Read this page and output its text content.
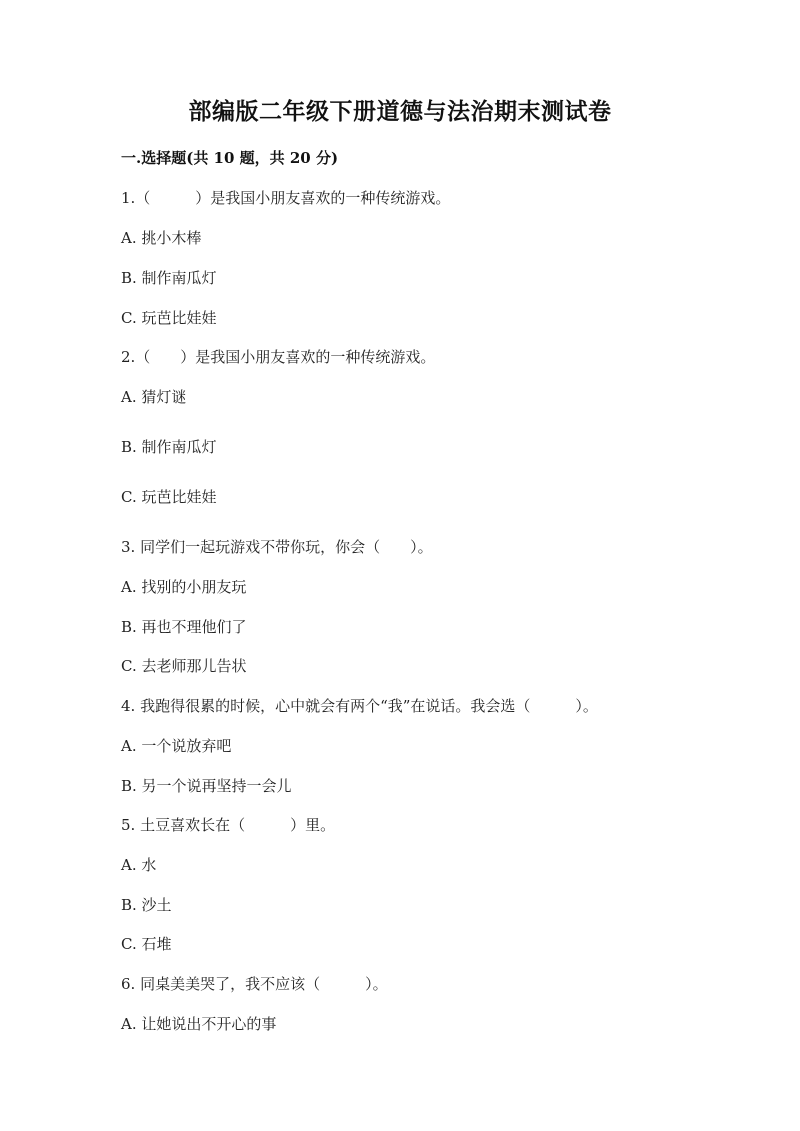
部编版二年级下册道德与法治期末测试卷
一.选择题(共 10 题，共 20 分)
1.（　　　）是我国小朋友喜欢的一种传统游戏。
A. 挑小木棒
B. 制作南瓜灯
C. 玩芭比娃娃
2.（　　）是我国小朋友喜欢的一种传统游戏。
A. 猜灯谜
B. 制作南瓜灯
C. 玩芭比娃娃
3. 同学们一起玩游戏不带你玩，你会（　　）。
A. 找别的小朋友玩
B. 再也不理他们了
C. 去老师那儿告状
4. 我跑得很累的时候，心中就会有两个“我”在说话。我会选（　　　）。
A. 一个说放弃吧
B. 另一个说再坚持一会儿
5. 土豆喜欢长在（　　　）里。
A. 水
B. 沙土
C. 石堆
6. 同桌美美哭了，我不应该（　　　）。
A. 让她说出不开心的事
